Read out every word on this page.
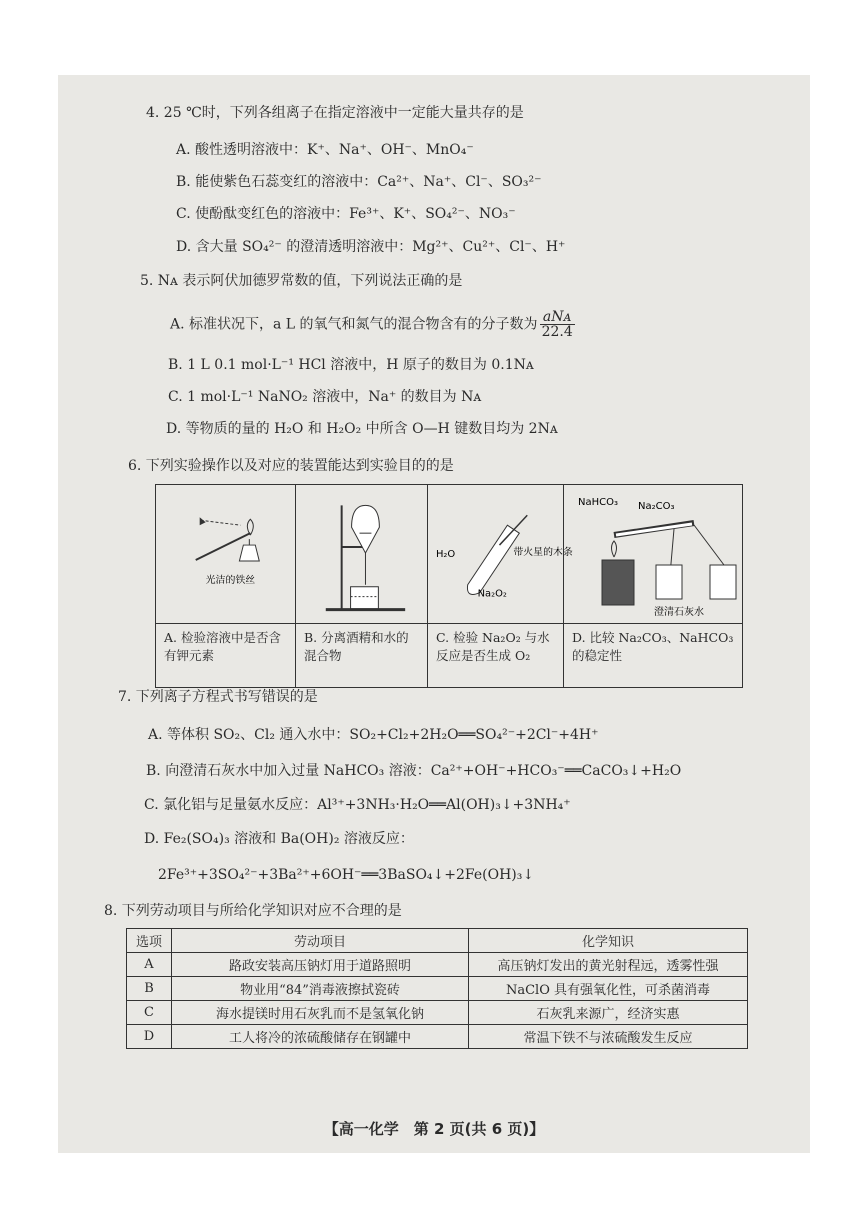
4. 25 ℃时，下列各组离子在指定溶液中一定能大量共存的是
A. 酸性透明溶液中：K⁺、Na⁺、OH⁻、MnO₄⁻
B. 能使紫色石蕊变红的溶液中：Ca²⁺、Na⁺、Cl⁻、SO₃²⁻
C. 使酚酞变红色的溶液中：Fe³⁺、K⁺、SO₄²⁻、NO₃⁻
D. 含大量 SO₄²⁻ 的澄清透明溶液中：Mg²⁺、Cu²⁺、Cl⁻、H⁺
5. Nᴀ 表示阿伏加德罗常数的值，下列说法正确的是
A. 标准状况下，a L 的氧气和氮气的混合物含有的分子数为 $\frac{\text{aNᴀ}}{22.4}$
B. 1 L 0.1 mol·L⁻¹ HCl 溶液中，H 原子的数目为 0.1Nᴀ
C. 1 mol·L⁻¹ NaNO₂ 溶液中，Na⁺ 的数目为 Nᴀ
D. 等物质的量的 H₂O 和 H₂O₂ 中所含 O—H 键数目均为 2Nᴀ
6. 下列实验操作以及对应的装置能达到实验目的的是
光洁的铁丝
A. 检验溶液中是否含有钾元素
B. 分离酒精和水的混合物
H₂O	带火星的木条
Na₂O₂
C. 检验 Na₂O₂ 与水反应是否生成 O₂
NaHCO₃ Na₂CO₃
澄清石灰水
D. 比较 Na₂CO₃、NaHCO₃ 的稳定性
7. 下列离子方程式书写错误的是
A. 等体积 SO₂、Cl₂ 通入水中：SO₂+Cl₂+2H₂O══SO₄²⁻+2Cl⁻+4H⁺
B. 向澄清石灰水中加入过量 NaHCO₃ 溶液：Ca²⁺+OH⁻+HCO₃⁻══CaCO₃↓+H₂O
C. 氯化铝与足量氨水反应：Al³⁺+3NH₃·H₂O══Al(OH)₃↓+3NH₄⁺
D. Fe₂(SO₄)₃ 溶液和 Ba(OH)₂ 溶液反应：
2Fe³⁺+3SO₄²⁻+3Ba²⁺+6OH⁻══3BaSO₄↓+2Fe(OH)₃↓
8. 下列劳动项目与所给化学知识对应不合理的是
选项	劳动项目	化学知识
A	路政安装高压钠灯用于道路照明	高压钠灯发出的黄光射程远，透雾性强
B	物业用“84”消毒液擦拭瓷砖	NaClO 具有强氧化性，可杀菌消毒
C	海水提镁时用石灰乳而不是氢氧化钠	石灰乳来源广，经济实惠
D	工人将冷的浓硫酸储存在钢罐中	常温下铁不与浓硫酸发生反应
【高一化学　第 2 页(共 6 页)】
